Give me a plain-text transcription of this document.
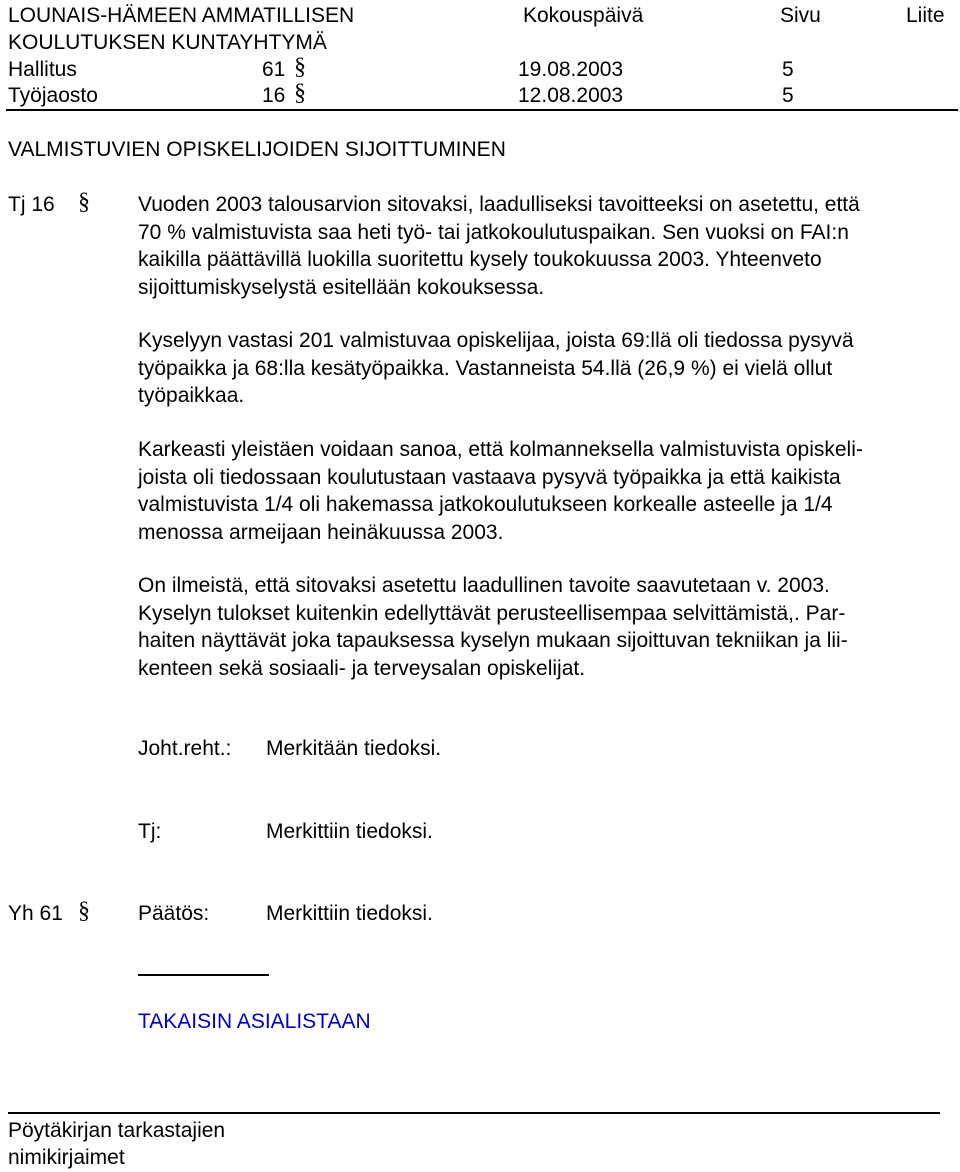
LOUNAIS-HÄMEEN AMMATILLISEN
KOULUTUKSEN KUNTAYHTYMÄ
Kokouspäivä	Sivu	Liite
Hallitus	61 §	19.08.2003	5
Työjaosto	16 §	12.08.2003	5
VALMISTUVIEN OPISKELIJOIDEN SIJOITTUMINEN
Tj 16 § Vuoden 2003 talousarvion sitovaksi, laadulliseksi tavoitteeksi on asetettu, että
70 % valmistuvista saa heti työ- tai jatkokoulutuspaikan. Sen vuoksi on FAI:n
kaikilla päättävillä luokilla suoritettu kysely toukokuussa 2003. Yhteenveto
sijoittumiskyselystä esitellään kokouksessa.
Kyselyyn vastasi 201 valmistuvaa opiskelijaa, joista 69:llä oli tiedossa pysyvä
työpaikka ja 68:lla kesätyöpaikka. Vastanneista 54.llä (26,9 %) ei vielä ollut
työpaikkaa.
Karkeasti yleistäen voidaan sanoa, että kolmanneksella valmistuvista opiskeli-
joista oli tiedossaan koulutustaan vastaava pysyvä työpaikka ja että kaikista
valmistuvista 1/4 oli hakemassa jatkokoulutukseen korkealle asteelle ja 1/4
menossa armeijaan heinäkuussa 2003.
On ilmeistä, että sitovaksi asetettu laadullinen tavoite saavutetaan v. 2003.
Kyselyn tulokset kuitenkin edellyttävät perusteellisempaa selvittämistä,. Par-
haiten näyttävät joka tapauksessa kyselyn mukaan sijoittuvan tekniikan ja lii-
kenteen sekä sosiaali- ja terveysalan opiskelijat.
Joht.reht.: Merkitään tiedoksi.
Tj:	Merkittiin tiedoksi.
Yh 61 § Päätös:	Merkittiin tiedoksi.
TAKAISIN ASIALISTAAN
Pöytäkirjan tarkastajien
nimikirjaimet
